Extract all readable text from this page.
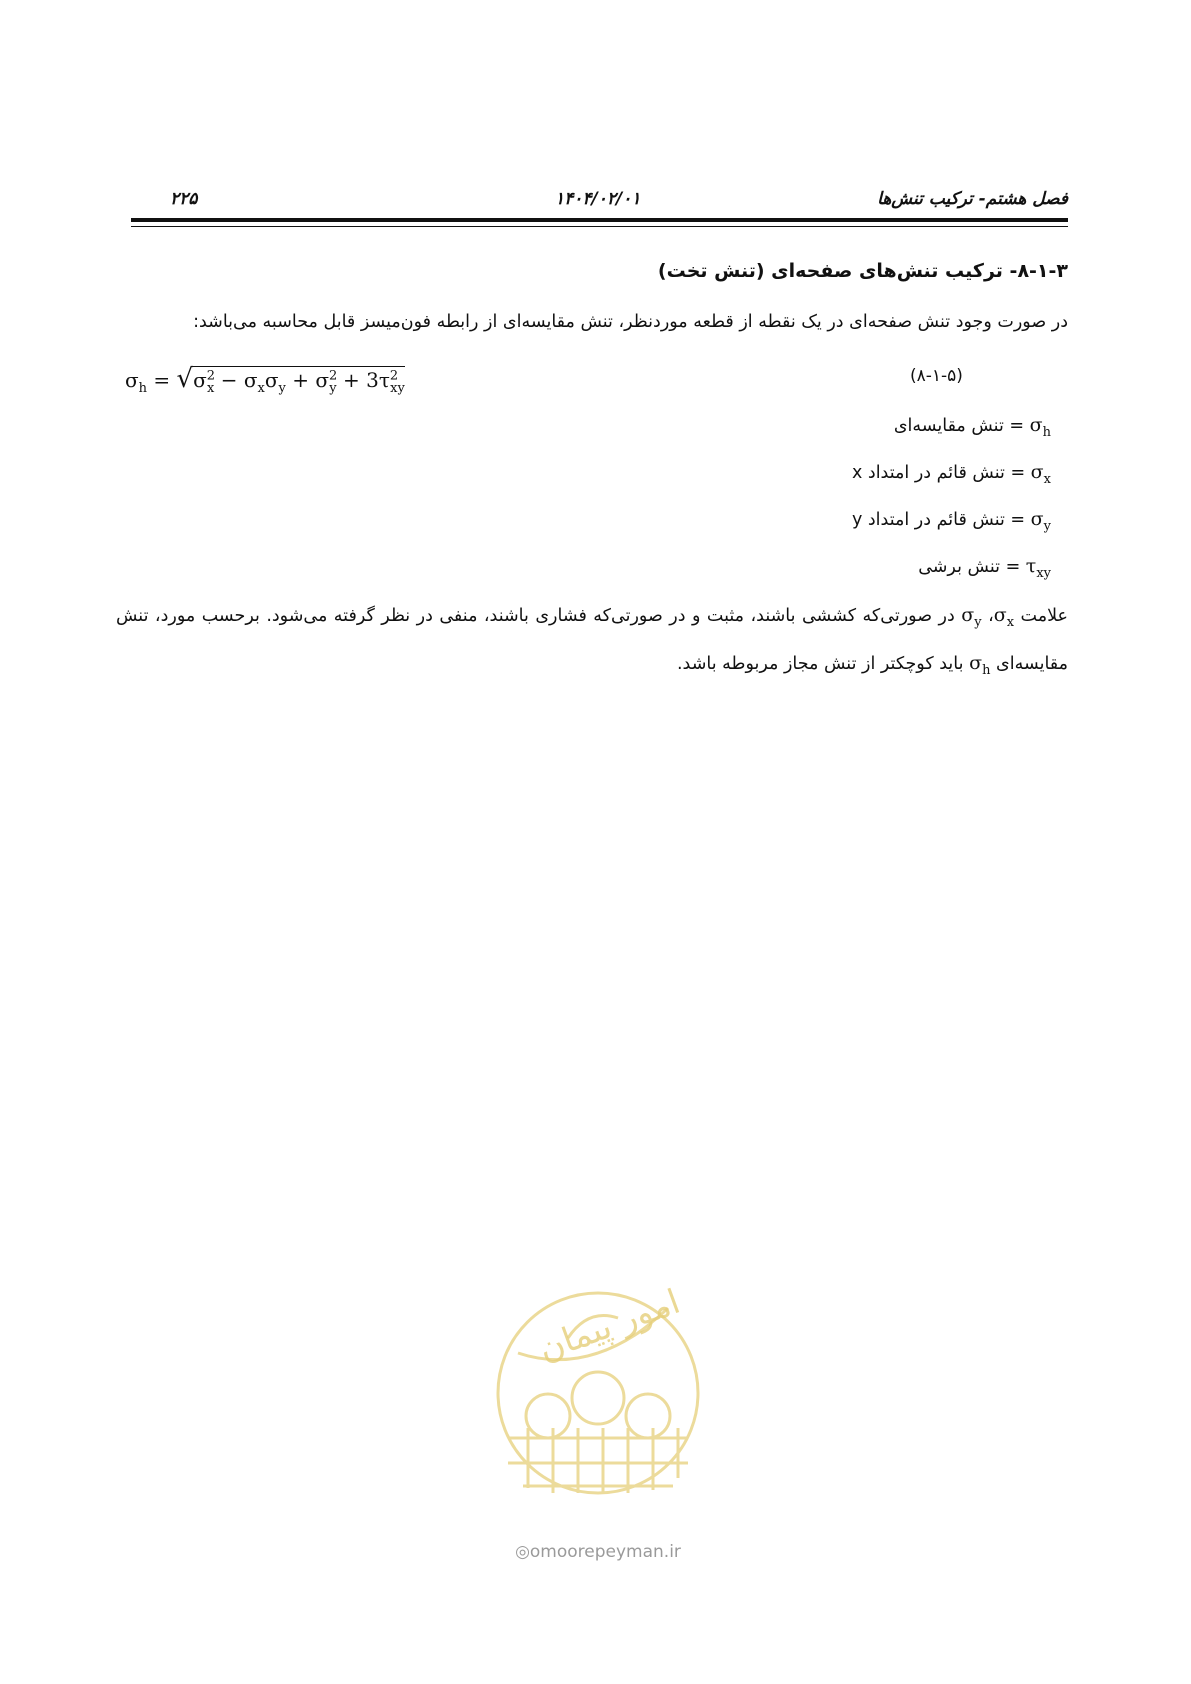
۲۲۵	۱۴۰۴/۰۲/۰۱	فصل هشتم- ترکیب تنش‌ها
۸-۱-۳- ترکیب تنش‌های صفحه‌ای (تنش تخت)
در صورت وجود تنش صفحه‌ای در یک نقطه از قطعه موردنظر، تنش مقایسه‌ای از رابطه فون‌میسز قابل محاسبه می‌باشد:
$\sigma_h = √\sigma^2_x - \sigma_x\sigma_y + \sigma^2_y + 3\tau^2_{xy}$
(۸-۱-۵)
$\sigma_h$ = تنش مقایسه‌ای
$\sigma_x$ = تنش قائم در امتداد x
$\sigma_y$ = تنش قائم در امتداد y
$\tau_{xy}$ = تنش برشی
علامت $\sigma_x،$ $\sigma_y$ در صورتی‌که کششی باشند، مثبت و در صورتی‌که فشاری باشند، منفی در نظر گرفته می‌شود. برحسب مورد، تنش مقایسه‌ای $\sigma_h$ باید کوچکتر از تنش مجاز مربوطه باشد.
امور پیمان
◎omoorepeyman.ir
